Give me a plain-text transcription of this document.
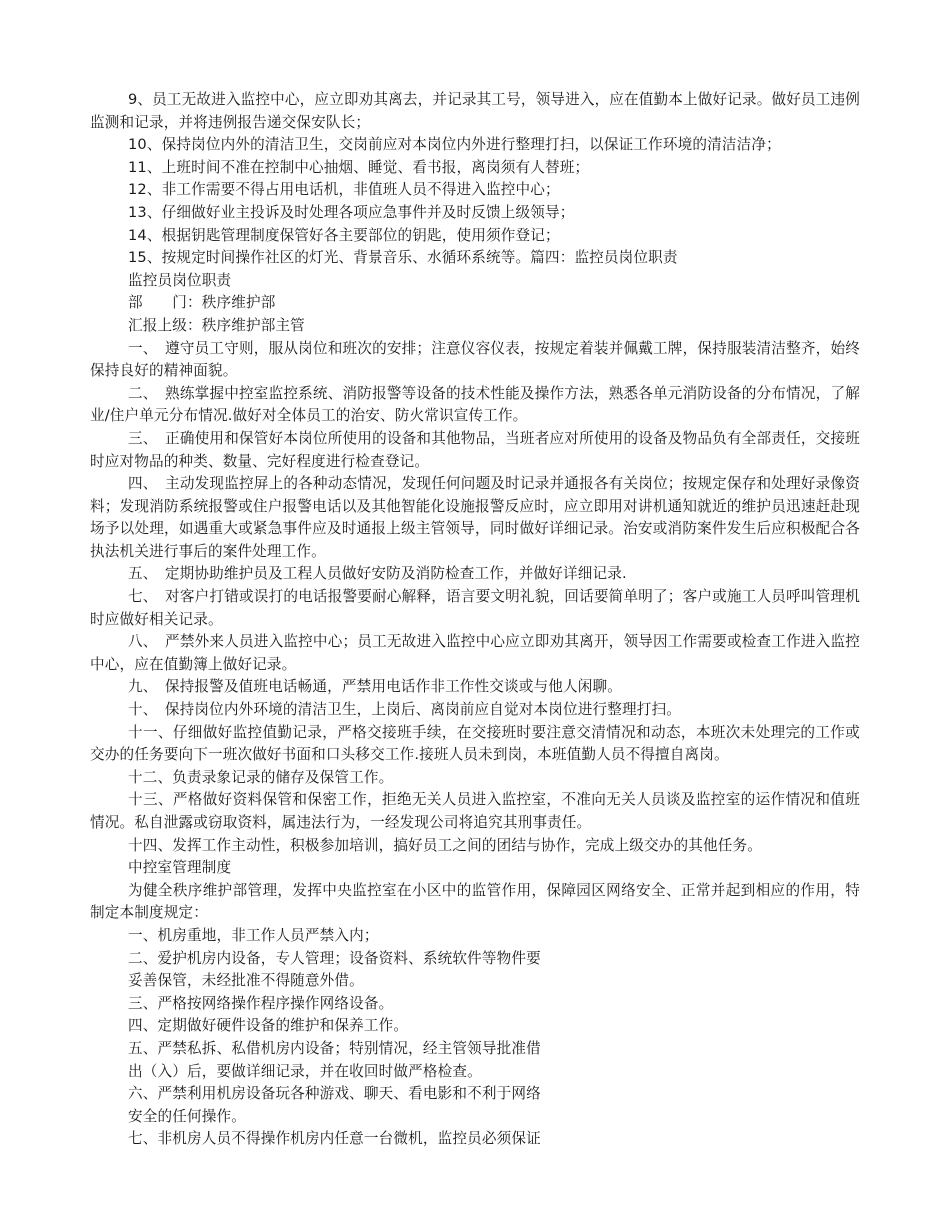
9、员工无故进入监控中心，应立即劝其离去，并记录其工号，领导进入，应在值勤本上做好记录。做好员工违例监测和记录，并将违例报告递交保安队长；

10、保持岗位内外的清洁卫生，交岗前应对本岗位内外进行整理打扫，以保证工作环境的清洁洁净；

11、上班时间不准在控制中心抽烟、睡觉、看书报，离岗须有人替班；

12、非工作需要不得占用电话机，非值班人员不得进入监控中心；

13、仔细做好业主投诉及时处理各项应急事件并及时反馈上级领导；

14、根据钥匙管理制度保管好各主要部位的钥匙，使用须作登记；

15、按规定时间操作社区的灯光、背景音乐、水循环系统等。篇四：监控员岗位职责

监控员岗位职责

部　　门：秩序维护部

汇报上级：秩序维护部主管

一、　遵守员工守则，服从岗位和班次的安排；注意仪容仪表，按规定着装并佩戴工牌，保持服装清洁整齐，始终保持良好的精神面貌。

二、　熟练掌握中控室监控系统、消防报警等设备的技术性能及操作方法，熟悉各单元消防设备的分布情况，了解业/住户单元分布情况.做好对全体员工的治安、防火常识宣传工作。

三、　正确使用和保管好本岗位所使用的设备和其他物品，当班者应对所使用的设备及物品负有全部责任，交接班时应对物品的种类、数量、完好程度进行检查登记。

四、　主动发现监控屏上的各种动态情况，发现任何问题及时记录并通报各有关岗位；按规定保存和处理好录像资料；发现消防系统报警或住户报警电话以及其他智能化设施报警反应时，应立即用对讲机通知就近的维护员迅速赶赴现场予以处理，如遇重大或紧急事件应及时通报上级主管领导，同时做好详细记录。治安或消防案件发生后应积极配合各执法机关进行事后的案件处理工作。

五、　定期协助维护员及工程人员做好安防及消防检查工作，并做好详细记录.

七、　对客户打错或误打的电话报警要耐心解释，语言要文明礼貌，回话要简单明了；客户或施工人员呼叫管理机时应做好相关记录。

八、　严禁外来人员进入监控中心；员工无故进入监控中心应立即劝其离开，领导因工作需要或检查工作进入监控中心，应在值勤簿上做好记录。

九、　保持报警及值班电话畅通，严禁用电话作非工作性交谈或与他人闲聊。

十、　保持岗位内外环境的清洁卫生，上岗后、离岗前应自觉对本岗位进行整理打扫。

十一、仔细做好监控值勤记录，严格交接班手续，在交接班时要注意交清情况和动态，本班次未处理完的工作或交办的任务要向下一班次做好书面和口头移交工作.接班人员未到岗，本班值勤人员不得擅自离岗。

十二、负责录象记录的储存及保管工作。

十三、严格做好资料保管和保密工作，拒绝无关人员进入监控室，不准向无关人员谈及监控室的运作情况和值班情况。私自泄露或窃取资料，属违法行为，一经发现公司将追究其刑事责任。

十四、发挥工作主动性，积极参加培训，搞好员工之间的团结与协作，完成上级交办的其他任务。

中控室管理制度

为健全秩序维护部管理，发挥中央监控室在小区中的监管作用，保障园区网络安全、正常并起到相应的作用，特制定本制度规定：

一、机房重地，非工作人员严禁入内；

二、爱护机房内设备，专人管理；设备资料、系统软件等物件要

妥善保管，未经批准不得随意外借。

三、严格按网络操作程序操作网络设备。

四、定期做好硬件设备的维护和保养工作。

五、严禁私拆、私借机房内设备；特别情况，经主管领导批准借

出（入）后，要做详细记录，并在收回时做严格检查。

六、严禁利用机房设备玩各种游戏、聊天、看电影和不利于网络

安全的任何操作。

七、非机房人员不得操作机房内任意一台微机，监控员必须保证
